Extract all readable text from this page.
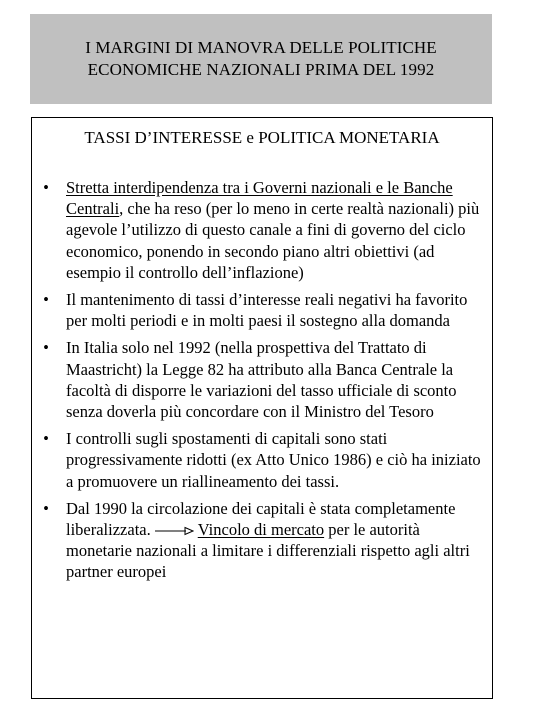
I MARGINI DI MANOVRA DELLE POLITICHE
ECONOMICHE NAZIONALI PRIMA DEL 1992
TASSI D’INTERESSE e POLITICA MONETARIA
• Stretta interdipendenza tra i Governi nazionali e le Banche Centrali, che ha reso (per lo meno in certe realtà nazionali) più agevole l’utilizzo di questo canale a fini di governo del ciclo economico, ponendo in secondo piano altri obiettivi (ad esempio il controllo dell’inflazione)
• Il mantenimento di tassi d’interesse reali negativi ha favorito per molti periodi e in molti paesi il sostegno alla domanda
• In Italia solo nel 1992 (nella prospettiva del Trattato di Maastricht) la Legge 82 ha attributo alla Banca Centrale la facoltà di disporre le variazioni del tasso ufficiale di sconto senza doverla più concordare con il Ministro del Tesoro
• I controlli sugli spostamenti di capitali sono stati progressivamente ridotti (ex Atto Unico 1986) e ciò ha iniziato a promuovere un riallineamento dei tassi.
• Dal 1990 la circolazione dei capitali è stata completamente liberalizzata.	Vincolo di mercato per le autorità monetarie nazionali a limitare i differenziali rispetto agli altri partner europei
